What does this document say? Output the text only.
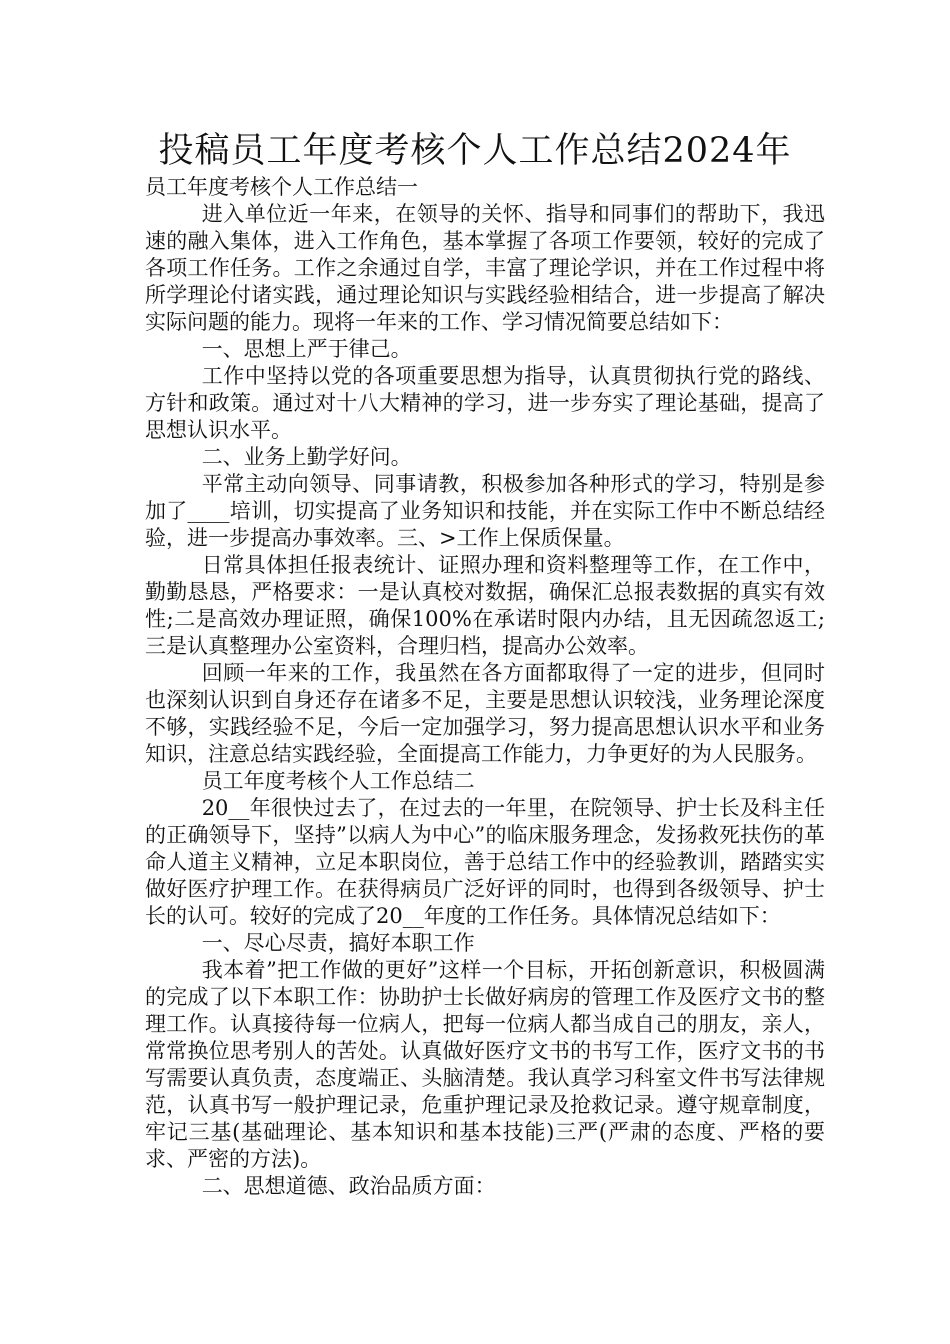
投稿员工年度考核个人工作总结2024年

员工年度考核个人工作总结一

进入单位近一年来，在领导的关怀、指导和同事们的帮助下，我迅速的融入集体，进入工作角色，基本掌握了各项工作要领，较好的完成了各项工作任务。工作之余通过自学，丰富了理论学识，并在工作过程中将所学理论付诸实践，通过理论知识与实践经验相结合，进一步提高了解决实际问题的能力。现将一年来的工作、学习情况简要总结如下：

一、思想上严于律己。

工作中坚持以党的各项重要思想为指导，认真贯彻执行党的路线、方针和政策。通过对十八大精神的学习，进一步夯实了理论基础，提高了思想认识水平。

二、业务上勤学好问。

平常主动向领导、同事请教，积极参加各种形式的学习，特别是参加了____培训，切实提高了业务知识和技能，并在实际工作中不断总结经验，进一步提高办事效率。三、>工作上保质保量。

日常具体担任报表统计、证照办理和资料整理等工作，在工作中，勤勤恳恳，严格要求：一是认真校对数据，确保汇总报表数据的真实有效性;二是高效办理证照，确保100%在承诺时限内办结，且无因疏忽返工;三是认真整理办公室资料，合理归档，提高办公效率。

回顾一年来的工作，我虽然在各方面都取得了一定的进步，但同时也深刻认识到自身还存在诸多不足，主要是思想认识较浅，业务理论深度不够，实践经验不足，今后一定加强学习，努力提高思想认识水平和业务知识，注意总结实践经验，全面提高工作能力，力争更好的为人民服务。

员工年度考核个人工作总结二

20__年很快过去了，在过去的一年里，在院领导、护士长及科主任的正确领导下，坚持”以病人为中心”的临床服务理念，发扬救死扶伤的革命人道主义精神，立足本职岗位，善于总结工作中的经验教训，踏踏实实做好医疗护理工作。在获得病员广泛好评的同时，也得到各级领导、护士长的认可。较好的完成了20__年度的工作任务。具体情况总结如下：

一、尽心尽责，搞好本职工作

我本着”把工作做的更好”这样一个目标，开拓创新意识，积极圆满的完成了以下本职工作：协助护士长做好病房的管理工作及医疗文书的整理工作。认真接待每一位病人，把每一位病人都当成自己的朋友，亲人，常常换位思考别人的苦处。认真做好医疗文书的书写工作，医疗文书的书写需要认真负责，态度端正、头脑清楚。我认真学习科室文件书写法律规范，认真书写一般护理记录，危重护理记录及抢救记录。遵守规章制度，牢记三基(基础理论、基本知识和基本技能)三严(严肃的态度、严格的要求、严密的方法)。

二、思想道德、政治品质方面：
